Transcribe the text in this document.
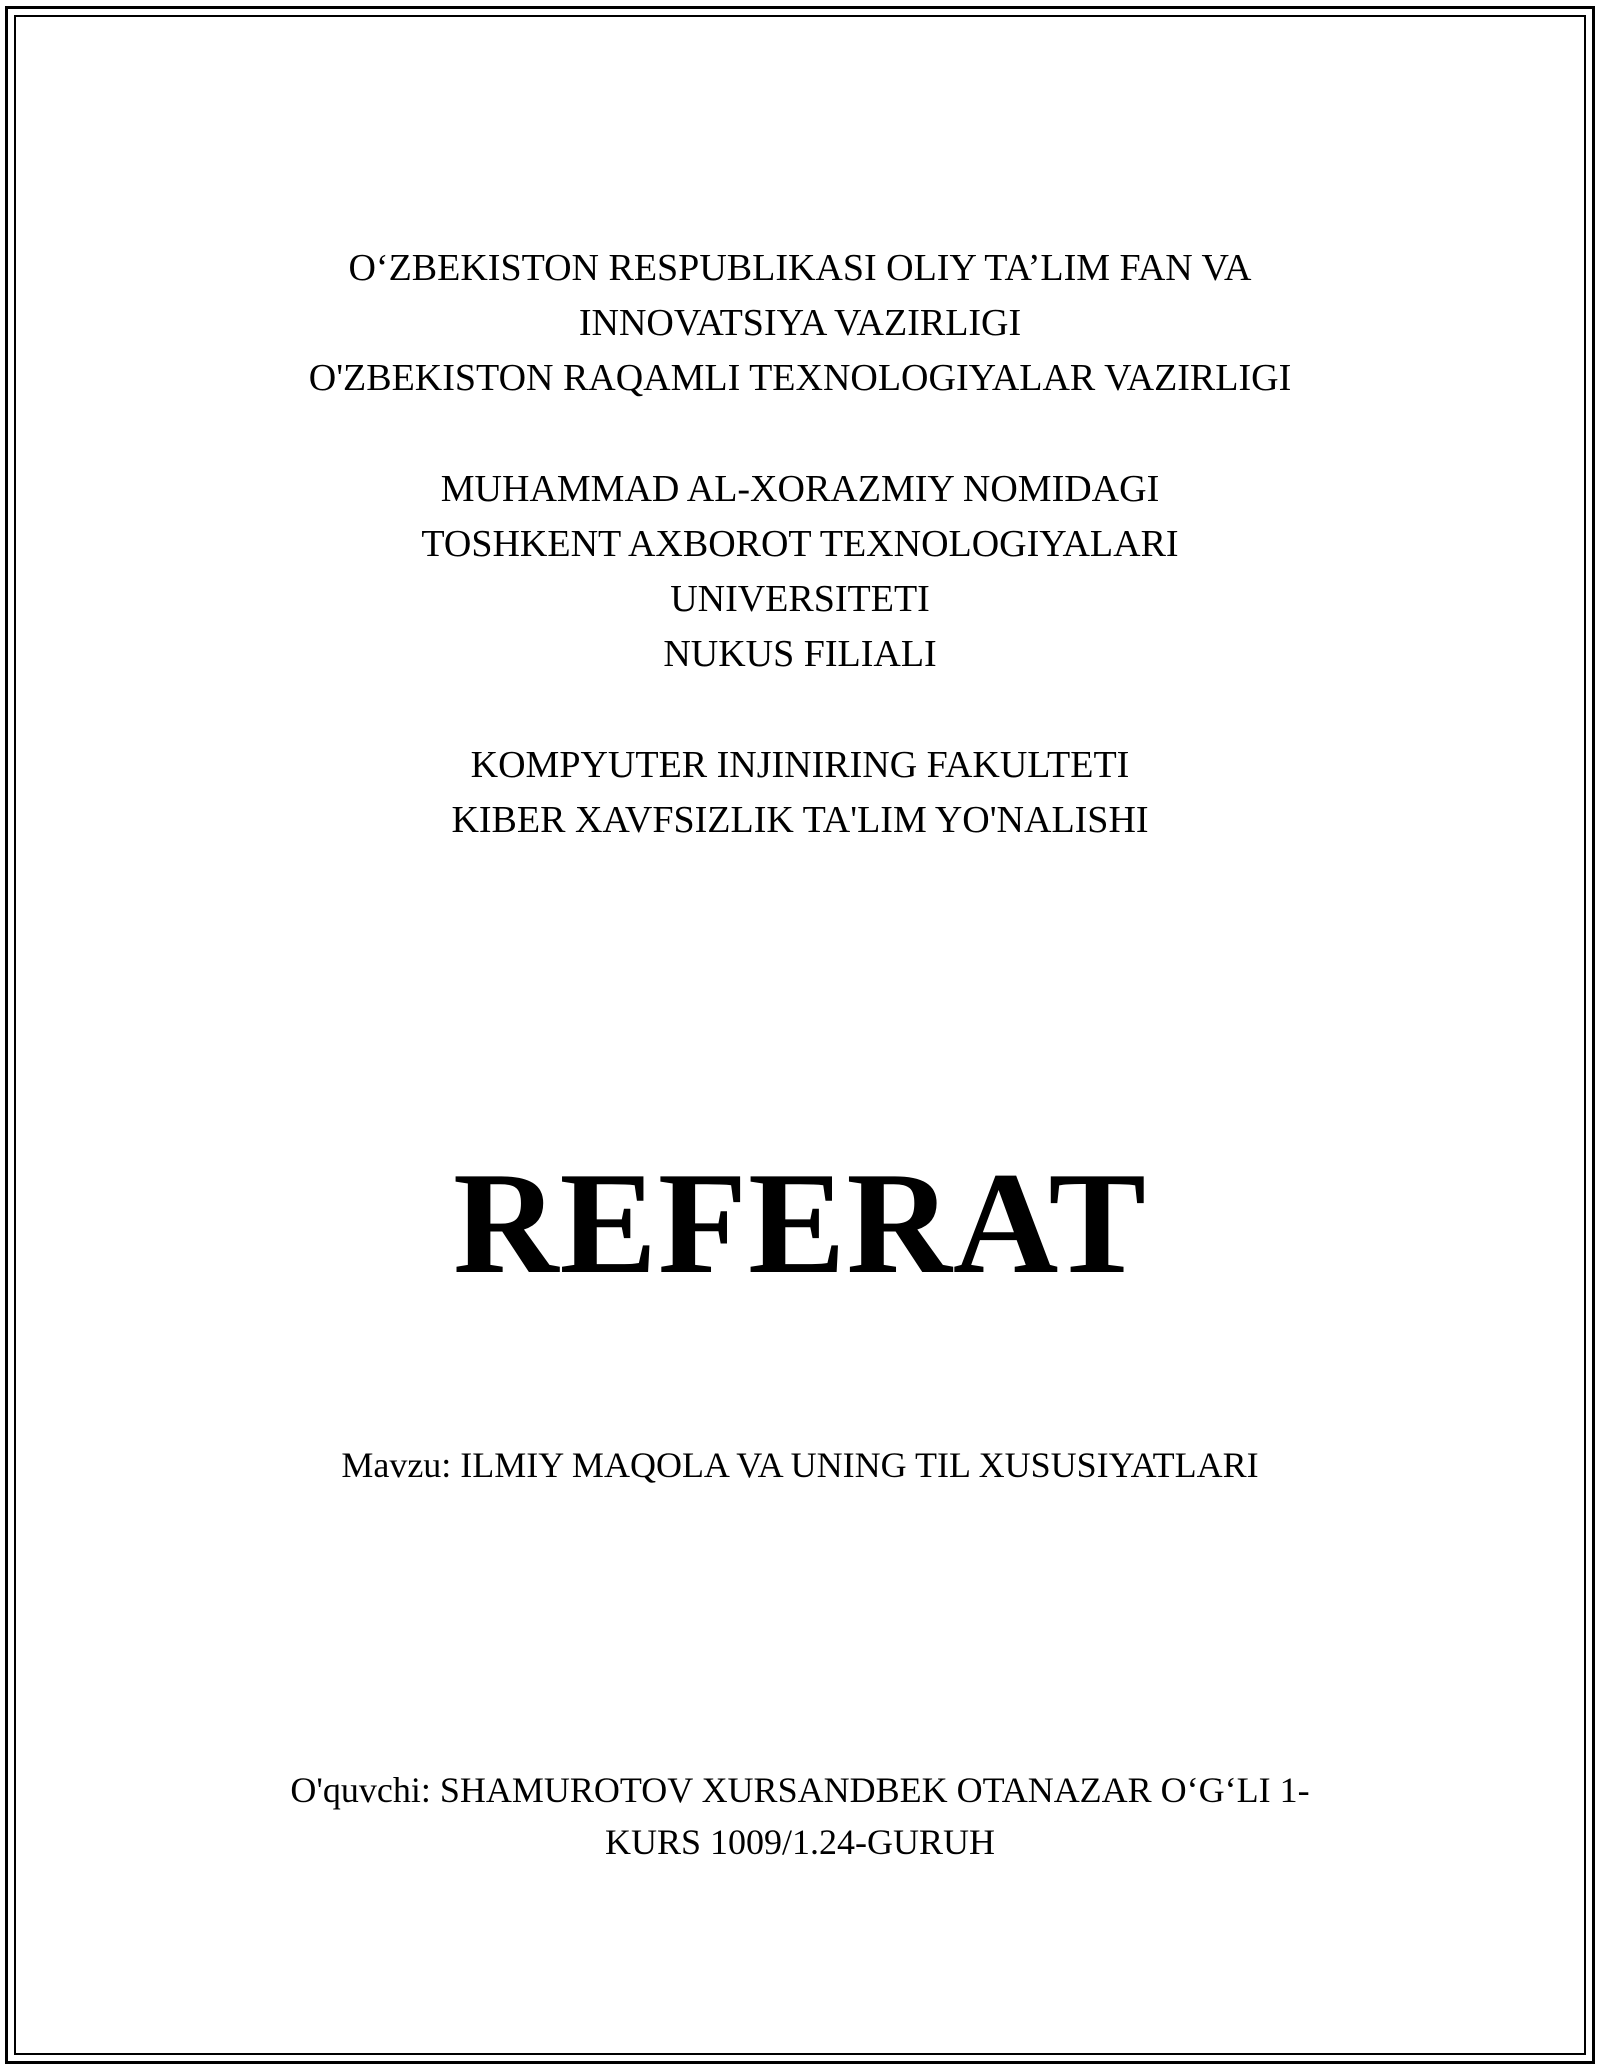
O‘ZBEKISTON RESPUBLIKASI OLIY TA’LIM FAN VA
INNOVATSIYA VAZIRLIGI
O'ZBEKISTON RAQAMLI TEXNOLOGIYALAR VAZIRLIGI
MUHAMMAD AL-XORAZMIY NOMIDAGI
TOSHKENT AXBOROT TEXNOLOGIYALARI
UNIVERSITETI
NUKUS FILIALI
KOMPYUTER INJINIRING FAKULTETI
KIBER XAVFSIZLIK TA'LIM YO'NALISHI
REFERAT
Mavzu: ILMIY MAQOLA VA UNING TIL XUSUSIYATLARI
O'quvchi: SHAMUROTOV XURSANDBEK OTANAZAR O‘G‘LI 1-
KURS 1009/1.24-GURUH
